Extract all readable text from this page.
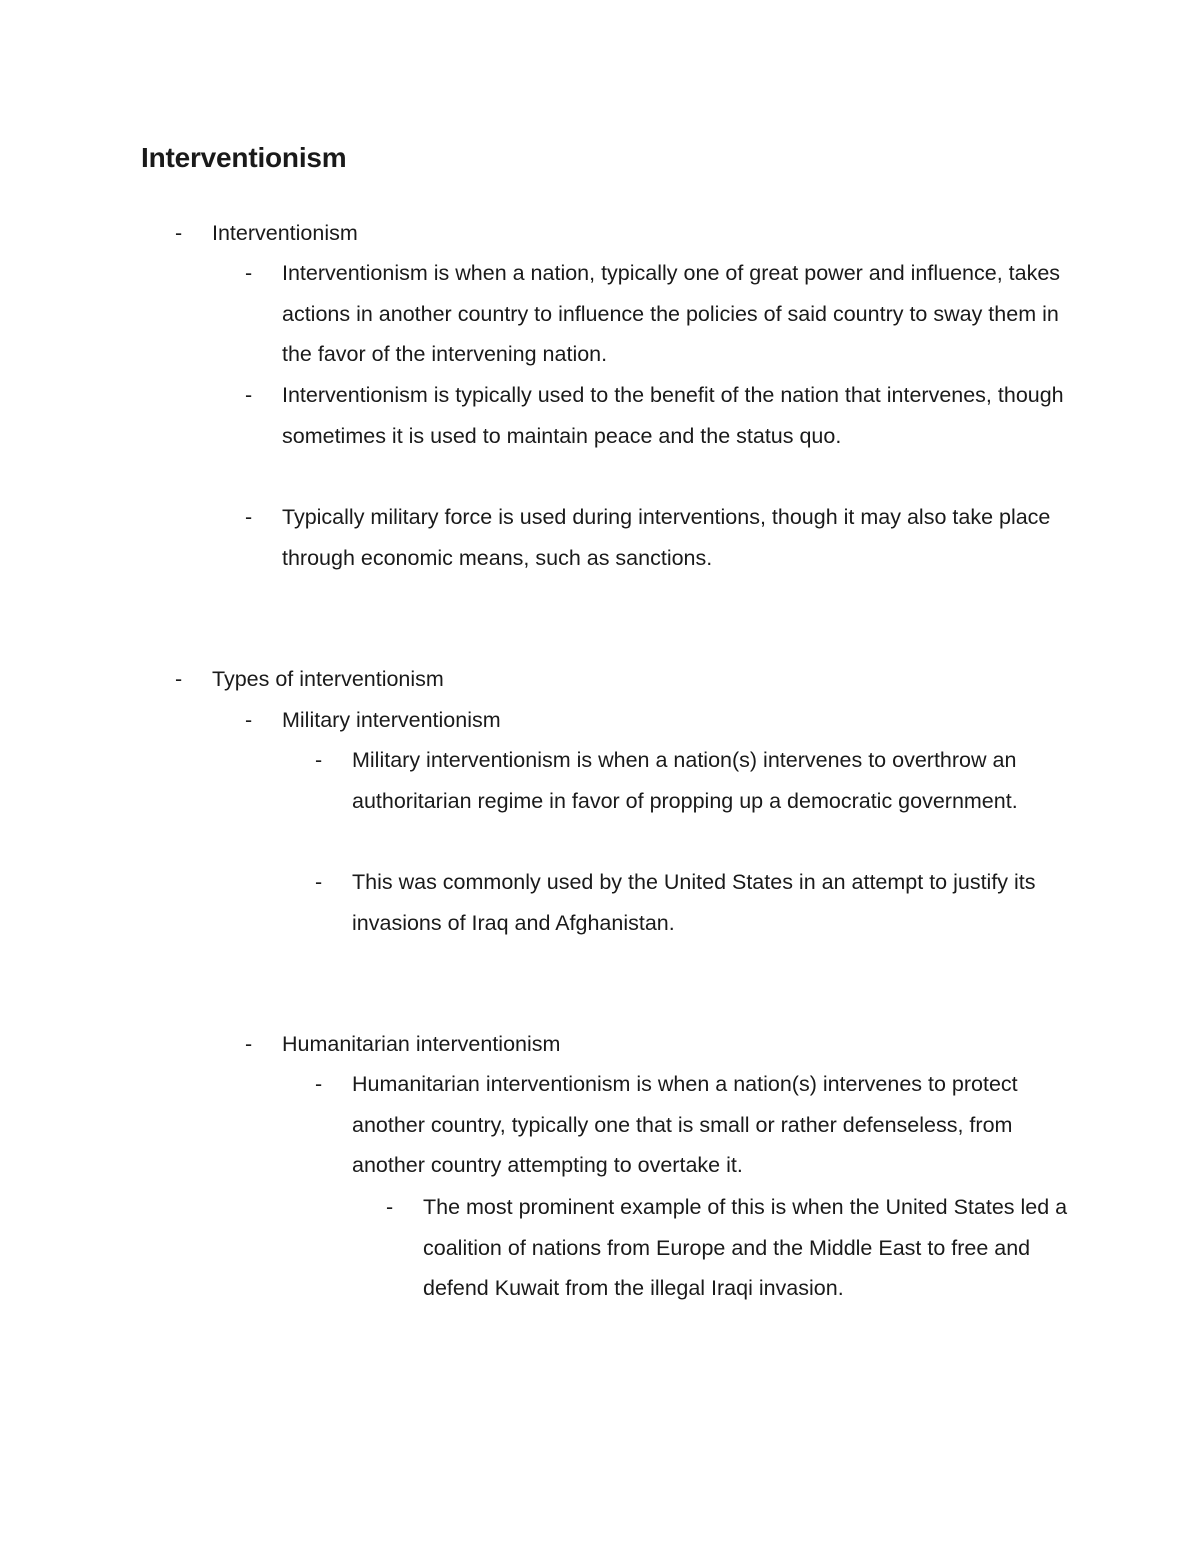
Interventionism
- Interventionism
- Interventionism is when a nation, typically one of great power and influence, takes actions in another country to influence the policies of said country to sway them in the favor of the intervening nation.
- Interventionism is typically used to the benefit of the nation that intervenes, though sometimes it is used to maintain peace and the status quo.
- Typically military force is used during interventions, though it may also take place through economic means, such as sanctions.
- Types of interventionism
- Military interventionism
- Military interventionism is when a nation(s) intervenes to overthrow an authoritarian regime in favor of propping up a democratic government.
- This was commonly used by the United States in an attempt to justify its invasions of Iraq and Afghanistan.
- Humanitarian interventionism
- Humanitarian interventionism is when a nation(s) intervenes to protect another country, typically one that is small or rather defenseless, from another country attempting to overtake it.
- The most prominent example of this is when the United States led a coalition of nations from Europe and the Middle East to free and defend Kuwait from the illegal Iraqi invasion.
